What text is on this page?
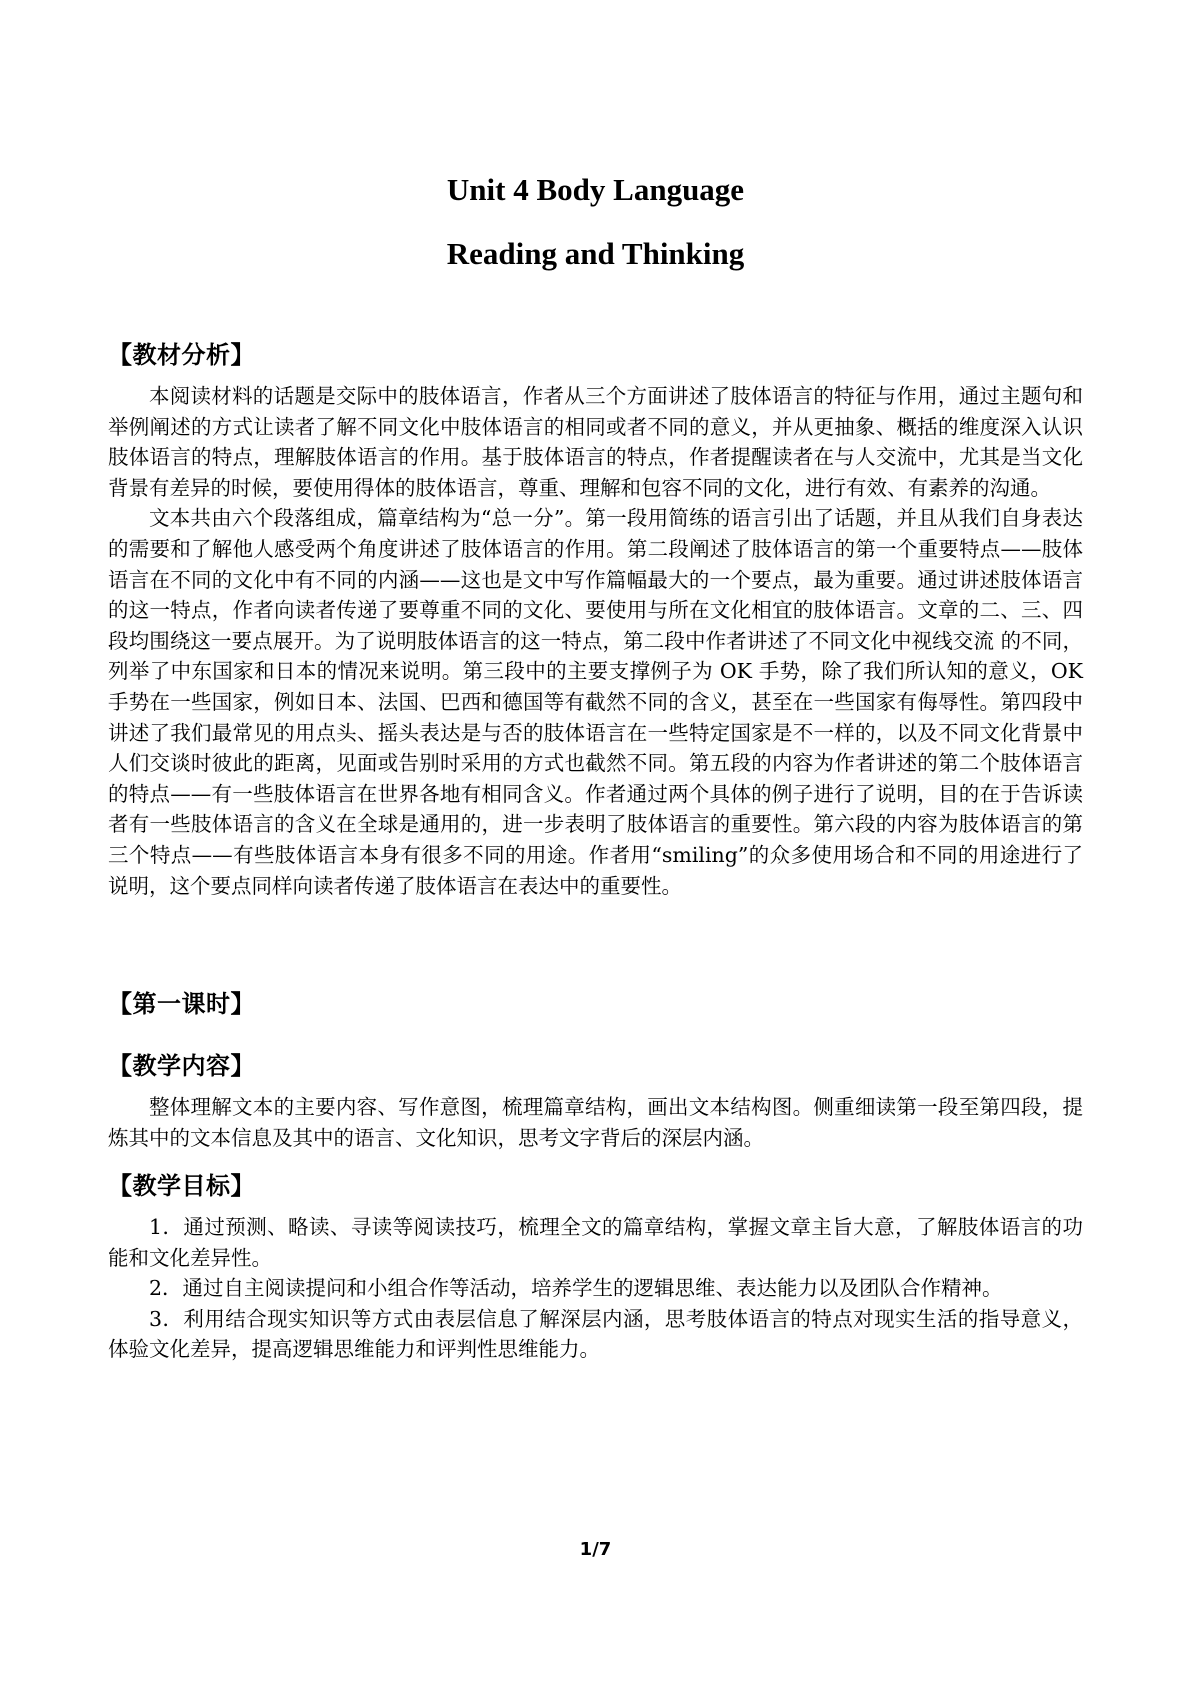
Unit 4 Body Language
Reading and Thinking
【教材分析】

本阅读材料的话题是交际中的肢体语言，作者从三个方面讲述了肢体语言的特征与作用，通过主题句和举例阐述的方式让读者了解不同文化中肢体语言的相同或者不同的意义，并从更抽象、概括的维度深入认识肢体语言的特点，理解肢体语言的作用。基于肢体语言的特点，作者提醒读者在与人交流中，尤其是当文化背景有差异的时候，要使用得体的肢体语言，尊重、理解和包容不同的文化，进行有效、有素养的沟通。

文本共由六个段落组成，篇章结构为“总一分”。第一段用简练的语言引出了话题，并且从我们自身表达的需要和了解他人感受两个角度讲述了肢体语言的作用。第二段阐述了肢体语言的第一个重要特点——肢体语言在不同的文化中有不同的内涵——这也是文中写作篇幅最大的一个要点，最为重要。通过讲述肢体语言的这一特点，作者向读者传递了要尊重不同的文化、要使用与所在文化相宜的肢体语言。文章的二、三、四段均围绕这一要点展开。为了说明肢体语言的这一特点，第二段中作者讲述了不同文化中视线交流 的不同，列举了中东国家和日本的情况来说明。第三段中的主要支撑例子为 OK 手势，除了我们所认知的意义，OK 手势在一些国家，例如日本、法国、巴西和德国等有截然不同的含义，甚至在一些国家有侮辱性。第四段中讲述了我们最常见的用点头、摇头表达是与否的肢体语言在一些特定国家是不一样的，以及不同文化背景中人们交谈时彼此的距离，见面或告别时采用的方式也截然不同。第五段的内容为作者讲述的第二个肢体语言的特点——有一些肢体语言在世界各地有相同含义。作者通过两个具体的例子进行了说明，目的在于告诉读者有一些肢体语言的含义在全球是通用的，进一步表明了肢体语言的重要性。第六段的内容为肢体语言的第三个特点——有些肢体语言本身有很多不同的用途。作者用“smiling”的众多使用场合和不同的用途进行了说明，这个要点同样向读者传递了肢体语言在表达中的重要性。

【第一课时】
【教学内容】

整体理解文本的主要内容、写作意图，梳理篇章结构，画出文本结构图。侧重细读第一段至第四段，提炼其中的文本信息及其中的语言、文化知识，思考文字背后的深层内涵。

【教学目标】

1．通过预测、略读、寻读等阅读技巧，梳理全文的篇章结构，掌握文章主旨大意，了解肢体语言的功能和文化差异性。

2．通过自主阅读提问和小组合作等活动，培养学生的逻辑思维、表达能力以及团队合作精神。

3．利用结合现实知识等方式由表层信息了解深层内涵，思考肢体语言的特点对现实生活的指导意义，体验文化差异，提高逻辑思维能力和评判性思维能力。

1/7
